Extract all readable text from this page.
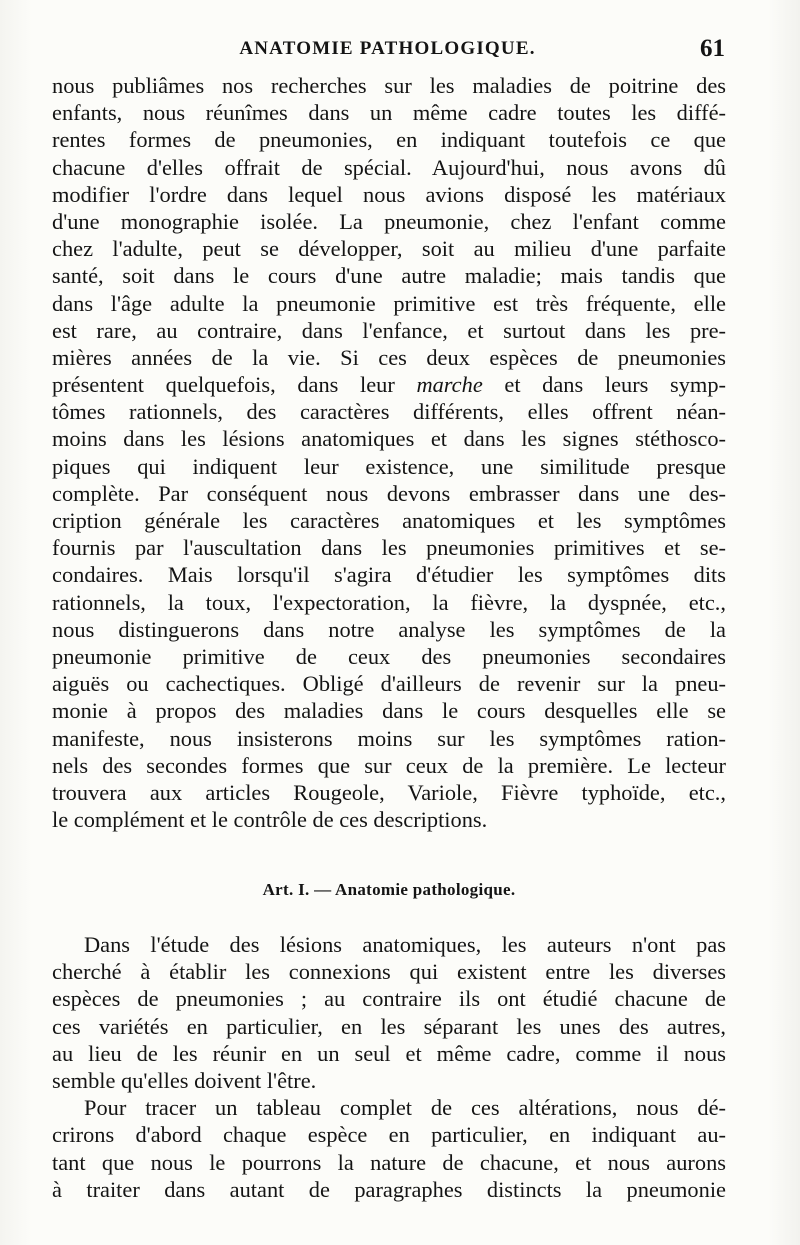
ANATOMIE PATHOLOGIQUE.	61
nous publiâmes nos recherches sur les maladies de poitrine des
enfants, nous réunîmes dans un même cadre toutes les diffé-
rentes formes de pneumonies, en indiquant toutefois ce que
chacune d'elles offrait de spécial. Aujourd'hui, nous avons dû
modifier l'ordre dans lequel nous avions disposé les matériaux
d'une monographie isolée. La pneumonie, chez l'enfant comme
chez l'adulte, peut se développer, soit au milieu d'une parfaite
santé, soit dans le cours d'une autre maladie; mais tandis que
dans l'âge adulte la pneumonie primitive est très fréquente, elle
est rare, au contraire, dans l'enfance, et surtout dans les pre-
mières années de la vie. Si ces deux espèces de pneumonies
présentent quelquefois, dans leur marche et dans leurs symp-
tômes rationnels, des caractères différents, elles offrent néan-
moins dans les lésions anatomiques et dans les signes stéthosco-
piques qui indiquent leur existence, une similitude presque
complète. Par conséquent nous devons embrasser dans une des-
cription générale les caractères anatomiques et les symptômes
fournis par l'auscultation dans les pneumonies primitives et se-
condaires. Mais lorsqu'il s'agira d'étudier les symptômes dits
rationnels, la toux, l'expectoration, la fièvre, la dyspnée, etc.,
nous distinguerons dans notre analyse les symptômes de la
pneumonie primitive de ceux des pneumonies secondaires
aiguës ou cachectiques. Obligé d'ailleurs de revenir sur la pneu-
monie à propos des maladies dans le cours desquelles elle se
manifeste, nous insisterons moins sur les symptômes ration-
nels des secondes formes que sur ceux de la première. Le lecteur
trouvera aux articles Rougeole, Variole, Fièvre typhoïde, etc.,
le complément et le contrôle de ces descriptions.
Art. I. — Anatomie pathologique.
Dans l'étude des lésions anatomiques, les auteurs n'ont pas
cherché à établir les connexions qui existent entre les diverses
espèces de pneumonies ; au contraire ils ont étudié chacune de
ces variétés en particulier, en les séparant les unes des autres,
au lieu de les réunir en un seul et même cadre, comme il nous
semble qu'elles doivent l'être.
Pour tracer un tableau complet de ces altérations, nous dé-
crirons d'abord chaque espèce en particulier, en indiquant au-
tant que nous le pourrons la nature de chacune, et nous aurons
à traiter dans autant de paragraphes distincts la pneumonie
